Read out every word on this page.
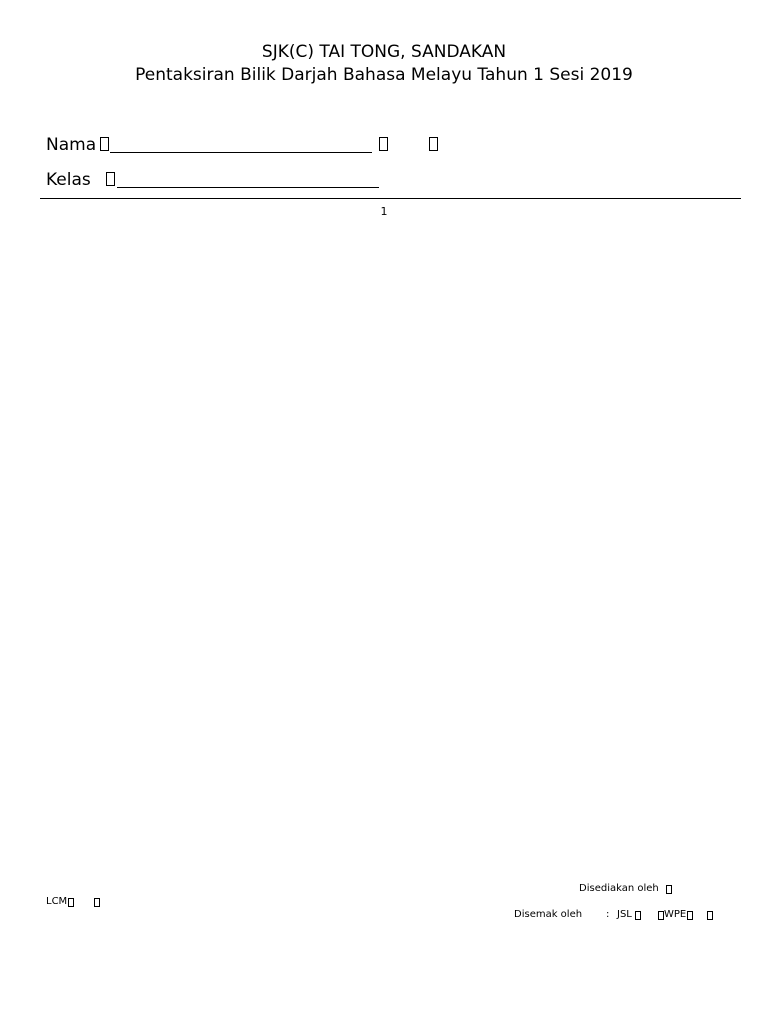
SJK(C) TAI TONG, SANDAKAN
Pentaksiran Bilik Darjah Bahasa Melayu Tahun 1 Sesi 2019
Nama
Kelas
1
Disediakan oleh
LCM
Disemak oleh : JSL	WPE
